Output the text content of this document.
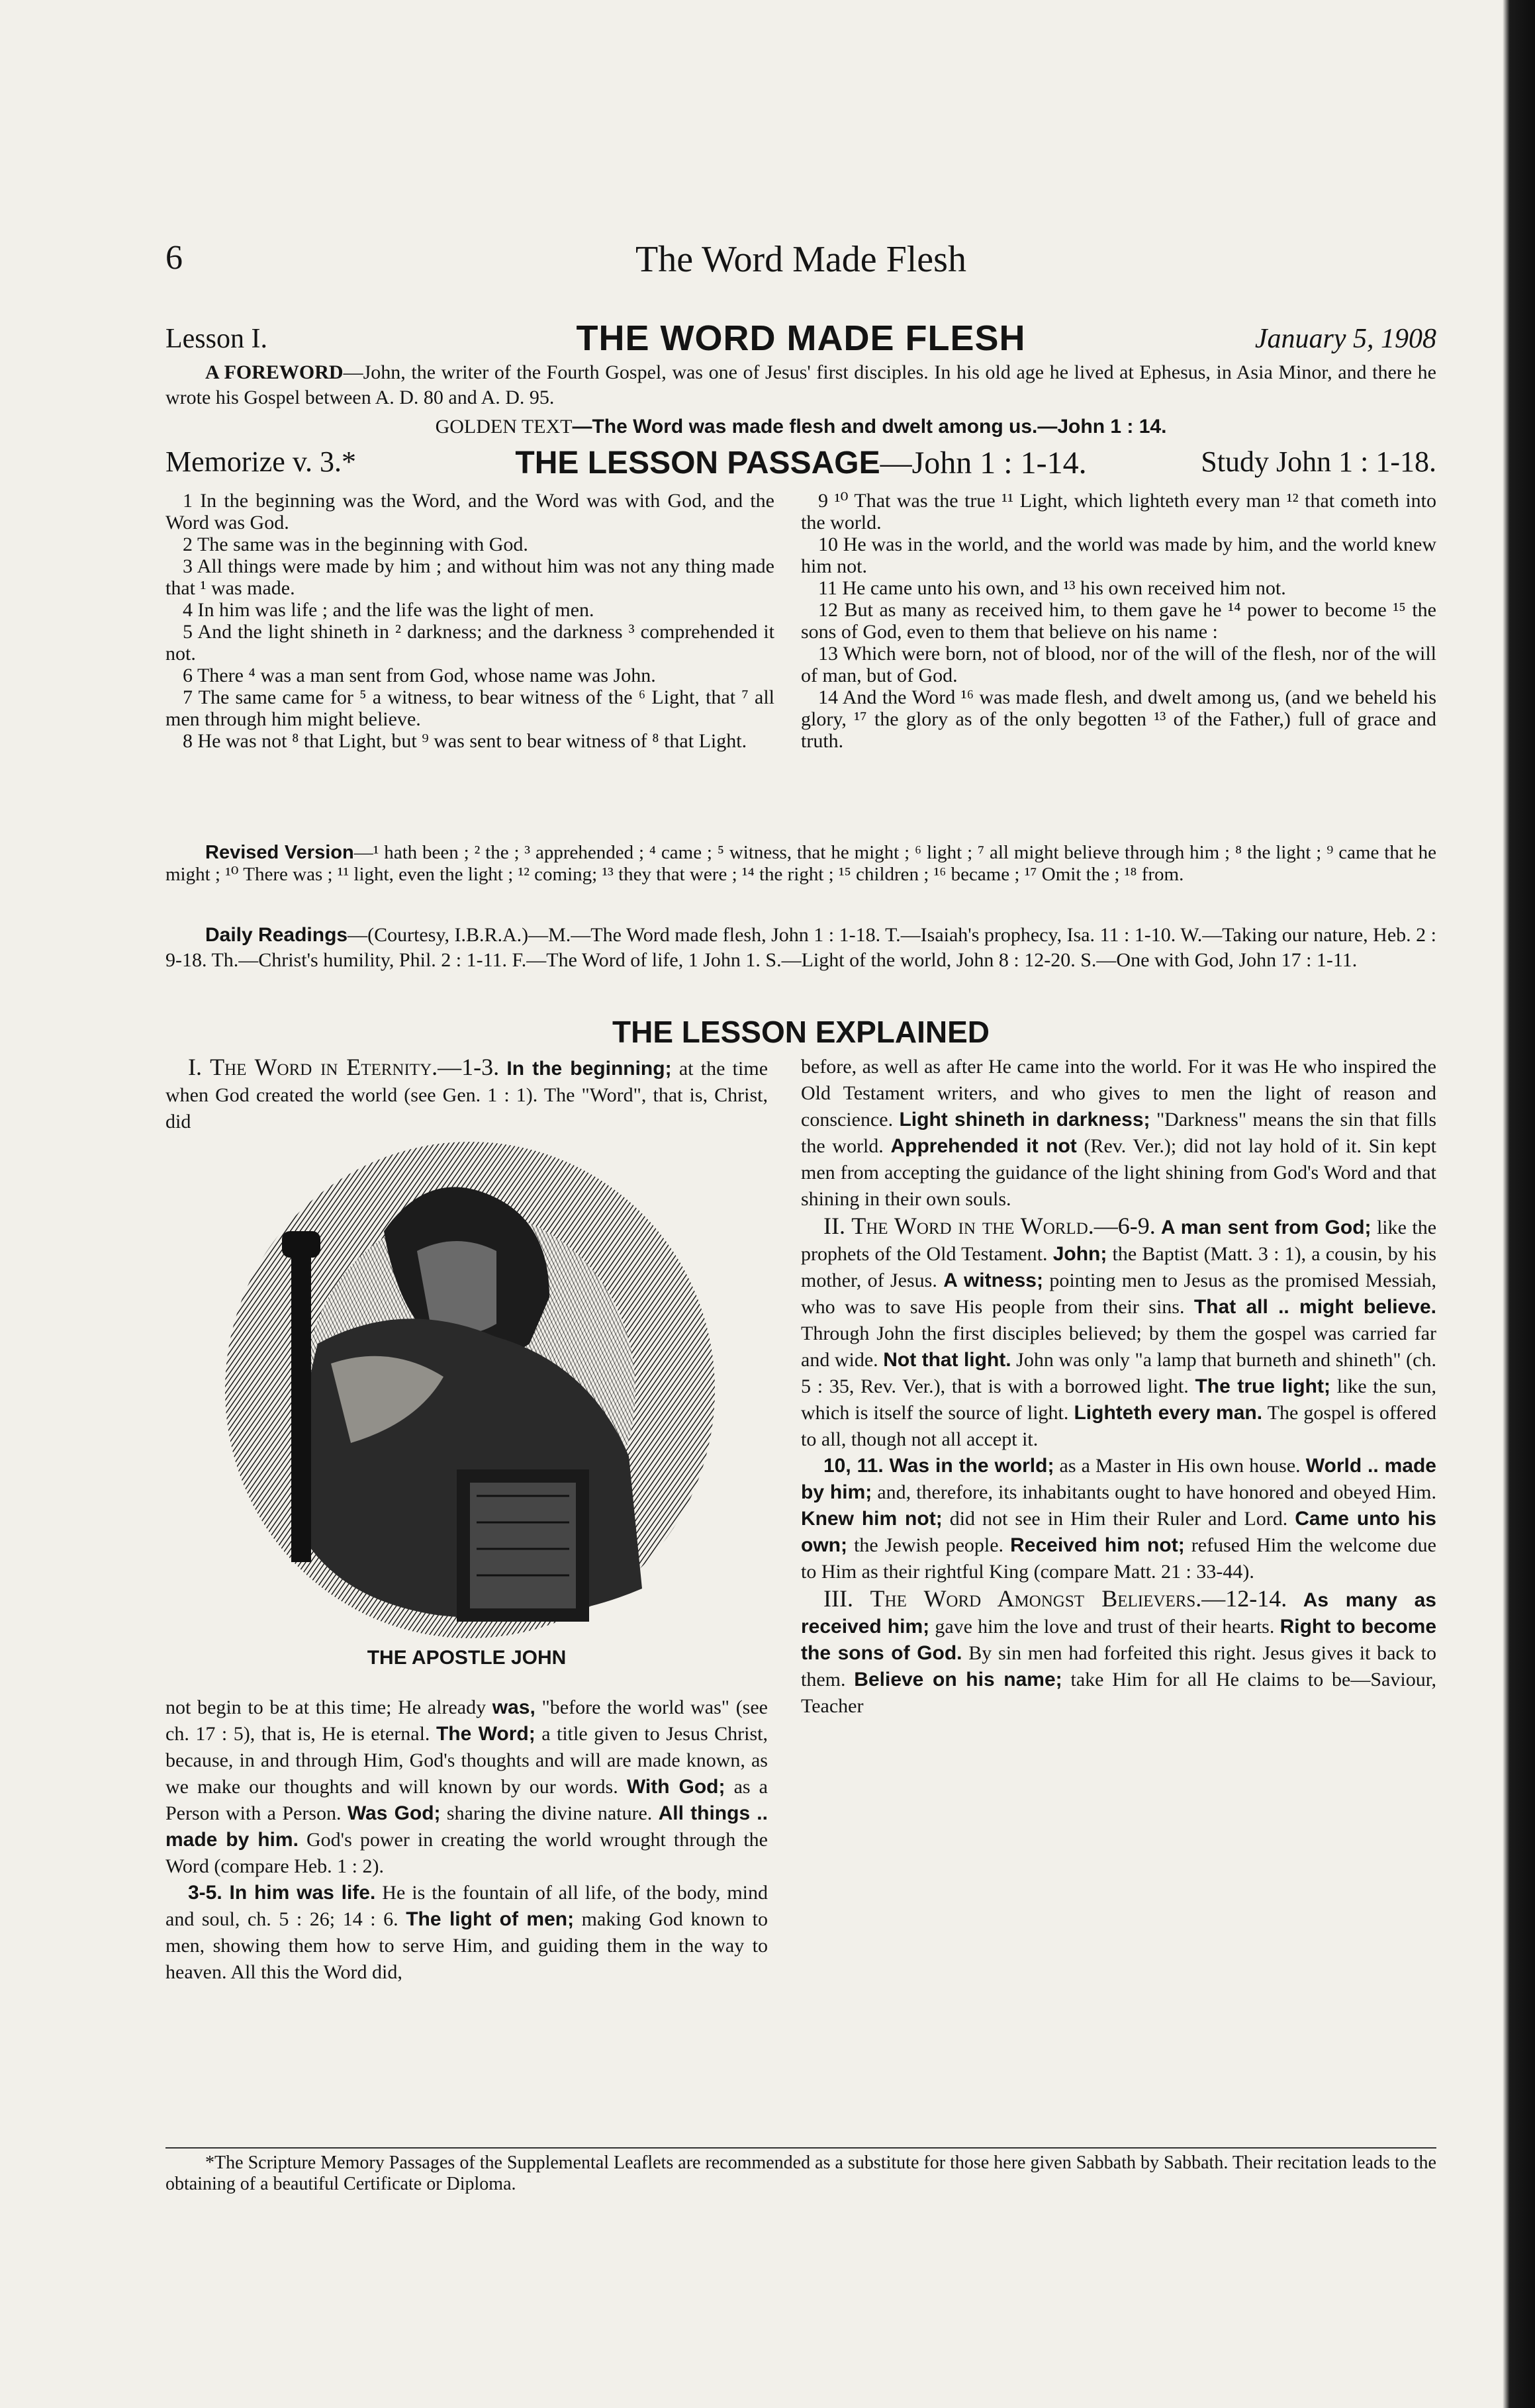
The Word Made Flesh
6
THE WORD MADE FLESH
Lesson I.	January 5, 1908
A FOREWORD—John, the writer of the Fourth Gospel, was one of Jesus' first disciples. In his old age he lived at Ephesus, in Asia Minor, and there he wrote his Gospel between A. D. 80 and A. D. 95.
GOLDEN TEXT—The Word was made flesh and dwelt among us.—John 1 : 14.
THE LESSON PASSAGE—John 1 : 1-14.
Memorize v. 3.*	Study John 1 : 1-18.

1 In the beginning was the Word, and the Word was with God, and the Word was God.

2 The same was in the beginning with God.

3 All things were made by him ; and without him was not any thing made that ¹ was made.

4 In him was life ; and the life was the light of men.

5 And the light shineth in ² darkness; and the darkness ³ comprehended it not.

6 There ⁴ was a man sent from God, whose name was John.

7 The same came for ⁵ a witness, to bear witness of the ⁶ Light, that ⁷ all men through him might believe.

8 He was not ⁸ that Light, but ⁹ was sent to bear witness of ⁸ that Light.

9 ¹⁰ That was the true ¹¹ Light, which lighteth every man ¹² that cometh into the world.

10 He was in the world, and the world was made by him, and the world knew him not.

11 He came unto his own, and ¹³ his own received him not.

12 But as many as received him, to them gave he ¹⁴ power to become ¹⁵ the sons of God, even to them that believe on his name :

13 Which were born, not of blood, nor of the will of the flesh, nor of the will of man, but of God.

14 And the Word ¹⁶ was made flesh, and dwelt among us, (and we beheld his glory, ¹⁷ the glory as of the only begotten ¹³ of the Father,) full of grace and truth.

Revised Version—¹ hath been ; ² the ; ³ apprehended ; ⁴ came ; ⁵ witness, that he might ; ⁶ light ; ⁷ all might believe through him ; ⁸ the light ; ⁹ came that he might ; ¹⁰ There was ; ¹¹ light, even the light ; ¹² coming; ¹³ they that were ; ¹⁴ the right ; ¹⁵ children ; ¹⁶ became ; ¹⁷ Omit the ; ¹⁸ from.
Daily Readings—(Courtesy, I.B.R.A.)—M.—The Word made flesh, John 1 : 1-18. T.—Isaiah's prophecy, Isa. 11 : 1-10. W.—Taking our nature, Heb. 2 : 9-18. Th.—Christ's humility, Phil. 2 : 1-11. F.—The Word of life, 1 John 1. S.—Light of the world, John 8 : 12-20. S.—One with God, John 17 : 1-11.
THE LESSON EXPLAINED

I. The Word in Eternity.—1-3. In the beginning; at the time when God created the world (see Gen. 1 : 1). The "Word", that is, Christ, did

THE APOSTLE JOHN

not begin to be at this time; He already was, "before the world was" (see ch. 17 : 5), that is, He is eternal. The Word; a title given to Jesus Christ, because, in and through Him, God's thoughts and will are made known, as we make our thoughts and will known by our words. With God; as a Person with a Person. Was God; sharing the divine nature. All things .. made by him. God's power in creating the world wrought through the Word (compare Heb. 1 : 2).

3-5. In him was life. He is the fountain of all life, of the body, mind and soul, ch. 5 : 26; 14 : 6. The light of men; making God known to men, showing them how to serve Him, and guiding them in the way to heaven. All this the Word did,

before, as well as after He came into the world. For it was He who inspired the Old Testament writers, and who gives to men the light of reason and conscience. Light shineth in darkness; "Darkness" means the sin that fills the world. Apprehended it not (Rev. Ver.); did not lay hold of it. Sin kept men from accepting the guidance of the light shining from God's Word and that shining in their own souls.

II. The Word in the World.—6-9. A man sent from God; like the prophets of the Old Testament. John; the Baptist (Matt. 3 : 1), a cousin, by his mother, of Jesus. A witness; pointing men to Jesus as the promised Messiah, who was to save His people from their sins. That all .. might believe. Through John the first disciples believed; by them the gospel was carried far and wide. Not that light. John was only "a lamp that burneth and shineth" (ch. 5 : 35, Rev. Ver.), that is with a borrowed light. The true light; like the sun, which is itself the source of light. Lighteth every man. The gospel is offered to all, though not all accept it.

10, 11. Was in the world; as a Master in His own house. World .. made by him; and, therefore, its inhabitants ought to have honored and obeyed Him. Knew him not; did not see in Him their Ruler and Lord. Came unto his own; the Jewish people. Received him not; refused Him the welcome due to Him as their rightful King (compare Matt. 21 : 33-44).

III. The Word Amongst Believers.—12-14. As many as received him; gave him the love and trust of their hearts. Right to become the sons of God. By sin men had forfeited this right. Jesus gives it back to them. Believe on his name; take Him for all He claims to be—Saviour, Teacher

*The Scripture Memory Passages of the Supplemental Leaflets are recommended as a substitute for those here given Sabbath by Sabbath. Their recitation leads to the obtaining of a beautiful Certificate or Diploma.
